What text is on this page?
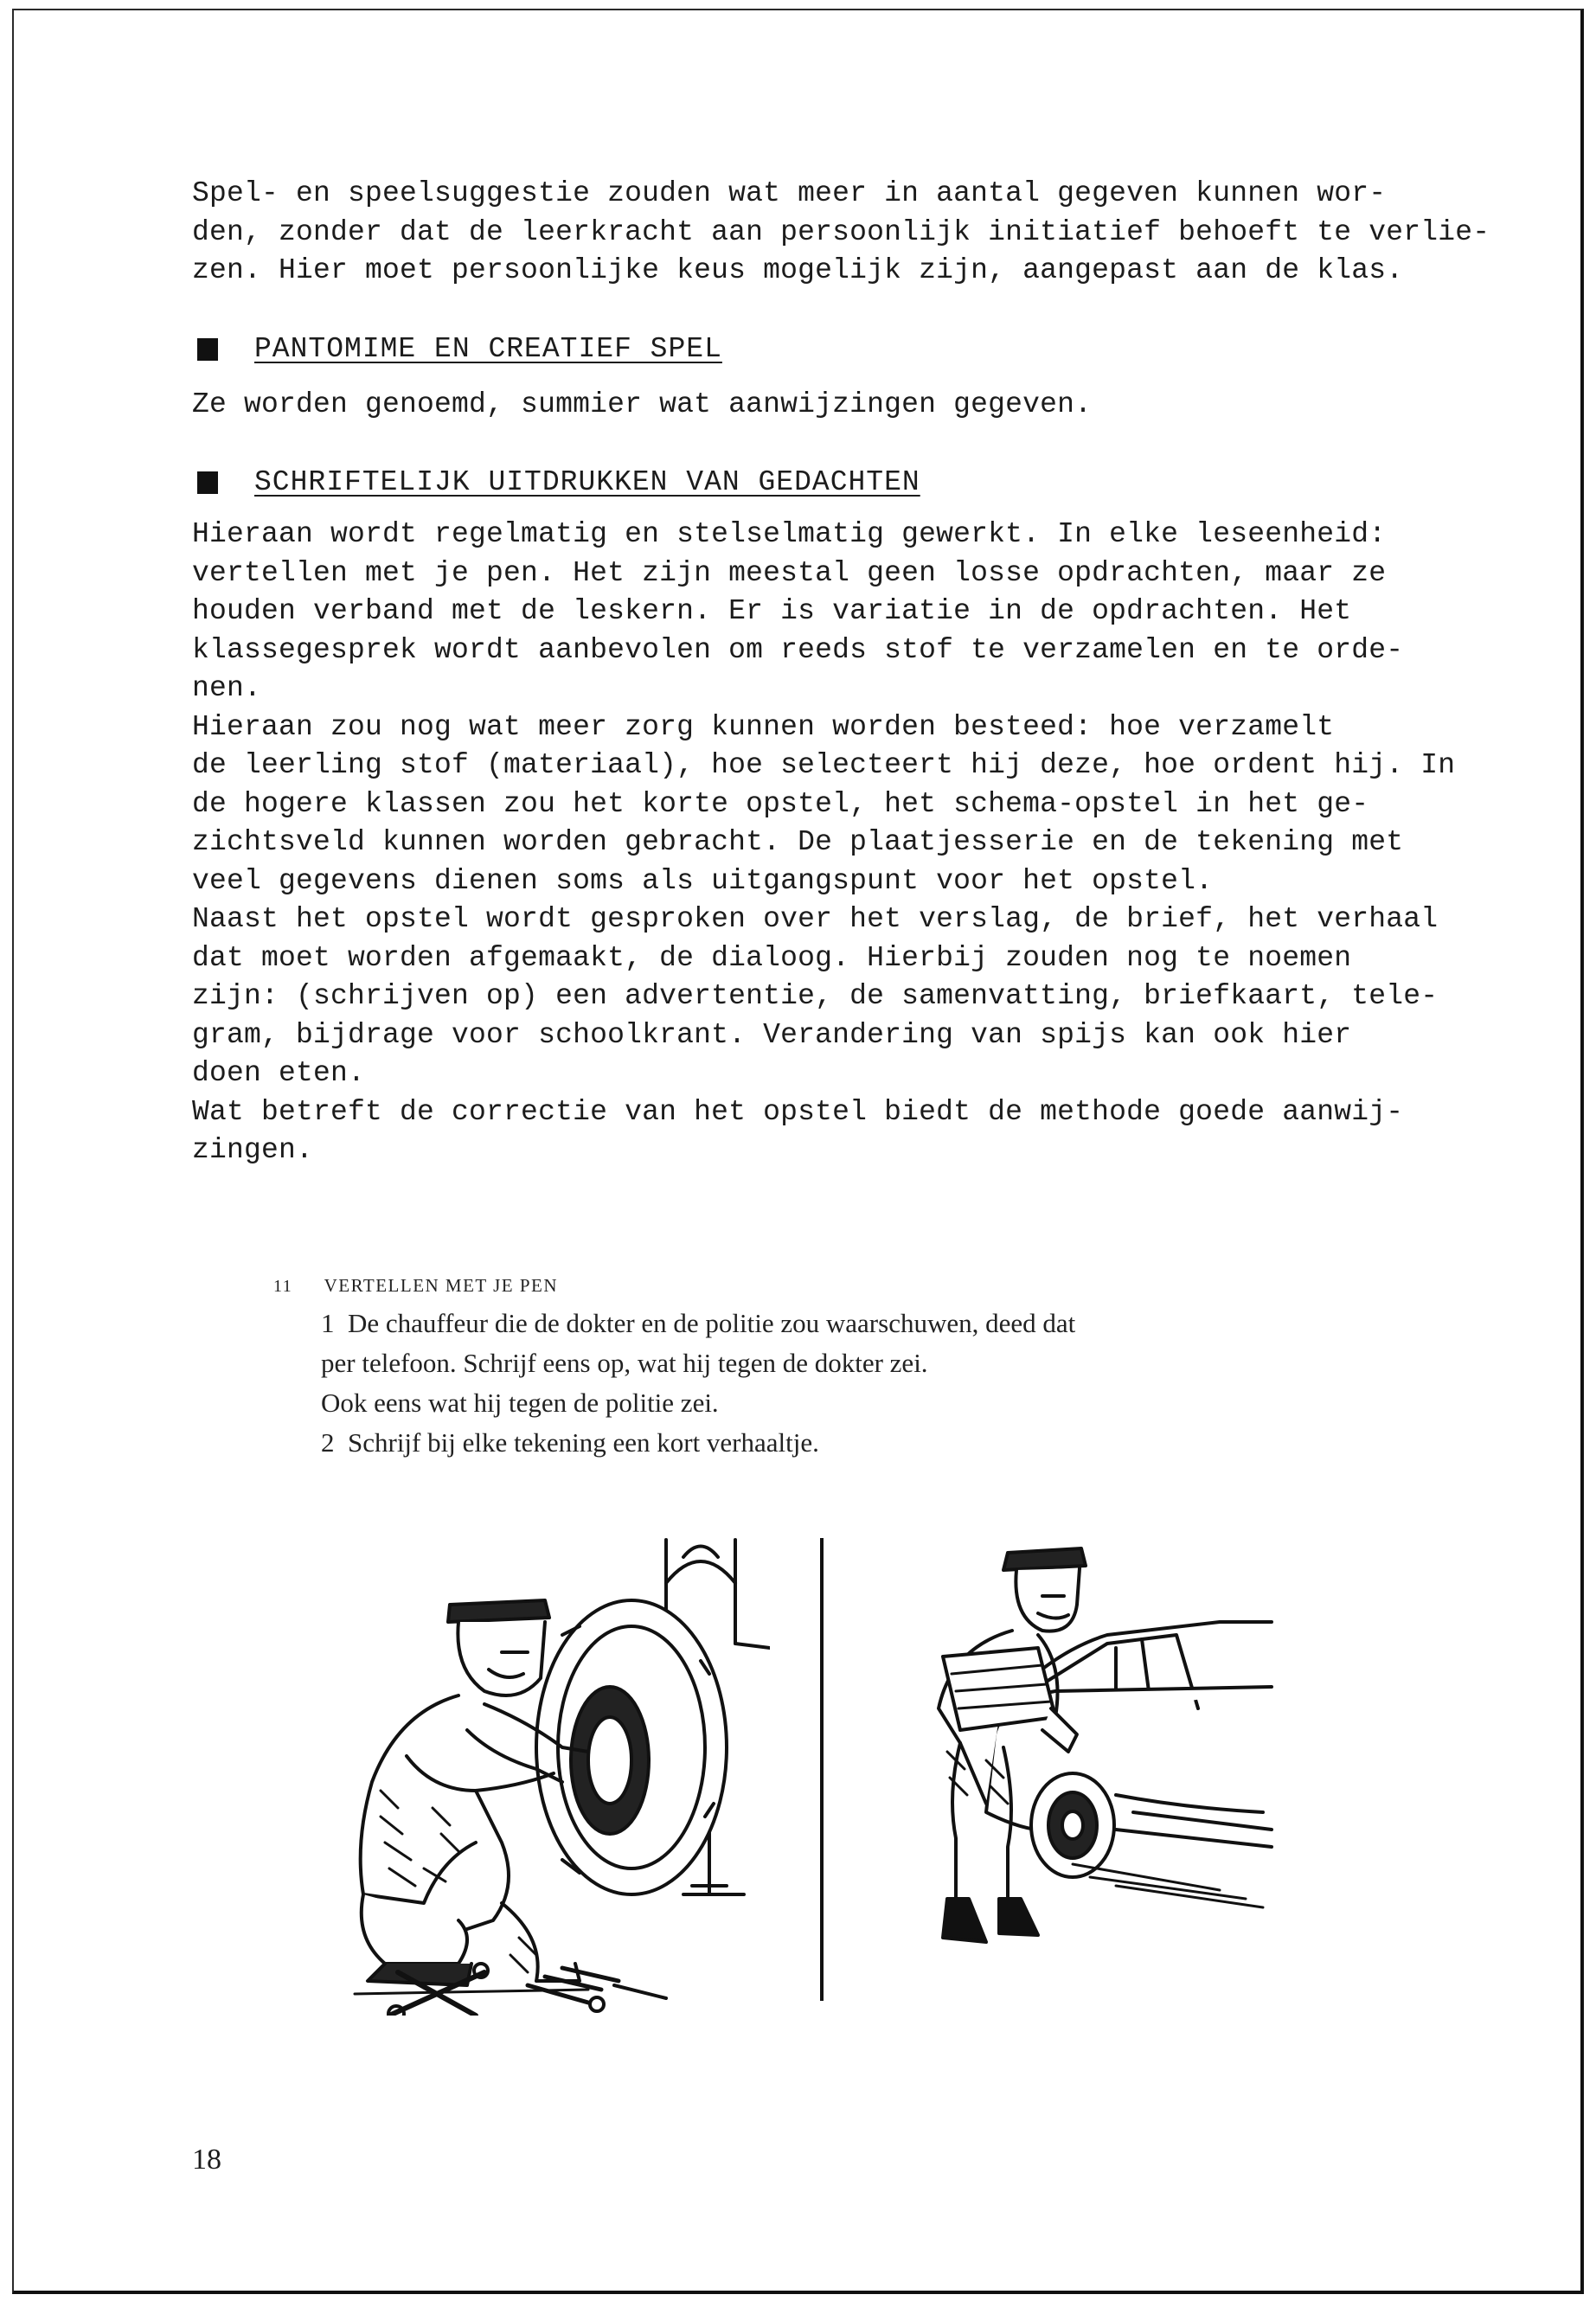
Spel- en speelsuggestie zouden wat meer in aantal gegeven kunnen wor-
den, zonder dat de leerkracht aan persoonlijk initiatief behoeft te verlie-
zen. Hier moet persoonlijke keus mogelijk zijn, aangepast aan de klas.
PANTOMIME EN CREATIEF SPEL
Ze worden genoemd, summier wat aanwijzingen gegeven.
SCHRIFTELIJK UITDRUKKEN VAN GEDACHTEN
Hieraan wordt regelmatig en stelselmatig gewerkt. In elke leseenheid:
vertellen met je pen. Het zijn meestal geen losse opdrachten, maar ze
houden verband met de leskern. Er is variatie in de opdrachten. Het
klassegesprek wordt aanbevolen om reeds stof te verzamelen en te orde-
nen.
Hieraan zou nog wat meer zorg kunnen worden besteed: hoe verzamelt
de leerling stof (materiaal), hoe selecteert hij deze, hoe ordent hij. In
de hogere klassen zou het korte opstel, het schema-opstel in het ge-
zichtsveld kunnen worden gebracht. De plaatjesserie en de tekening met
veel gegevens dienen soms als uitgangspunt voor het opstel.
Naast het opstel wordt gesproken over het verslag, de brief, het verhaal
dat moet worden afgemaakt, de dialoog. Hierbij zouden nog te noemen
zijn: (schrijven op) een advertentie, de samenvatting, briefkaart, tele-
gram, bijdrage voor schoolkrant. Verandering van spijs kan ook hier
doen eten.
Wat betreft de correctie van het opstel biedt de methode goede aanwij-
zingen.
11 VERTELLEN MET JE PEN
1 De chauffeur die de dokter en de politie zou waarschuwen, deed dat
per telefoon. Schrijf eens op, wat hij tegen de dokter zei.
Ook eens wat hij tegen de politie zei.
2 Schrijf bij elke tekening een kort verhaaltje.
18
